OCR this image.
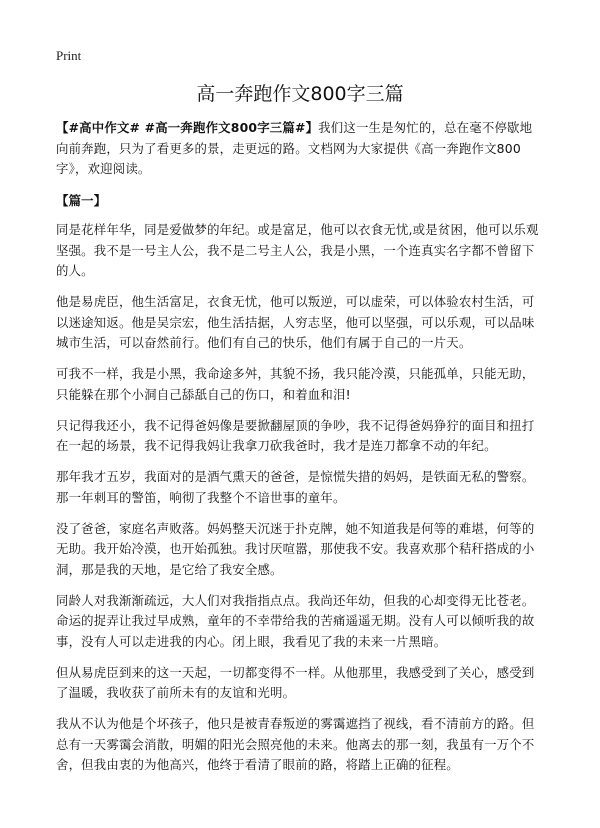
Print
高一奔跑作文800字三篇

【#高中作文# #高一奔跑作文800字三篇#】我们这一生是匆忙的，总在毫不停歇地向前奔跑，只为了看更多的景，走更远的路。文档网为大家提供《高一奔跑作文800字》，欢迎阅读。

【篇一】

同是花样年华，同是爱做梦的年纪。或是富足，他可以衣食无忧,或是贫困，他可以乐观坚强。我不是一号主人公，我不是二号主人公，我是小黑，一个连真实名字都不曾留下的人。

他是易虎臣，他生活富足，衣食无忧，他可以叛逆，可以虚荣，可以体验农村生活，可以迷途知返。他是吴宗宏，他生活拮据，人穷志坚，他可以坚强，可以乐观，可以品味城市生活，可以奋然前行。他们有自己的快乐，他们有属于自己的一片天。

可我不一样，我是小黑，我命途多舛，其貌不扬，我只能冷漠，只能孤单，只能无助，只能躲在那个小洞自己舔舐自己的伤口，和着血和泪!

只记得我还小，我不记得爸妈像是要掀翻屋顶的争吵，我不记得爸妈狰狞的面目和扭打在一起的场景，我不记得我妈让我拿刀砍我爸时，我才是连刀都拿不动的年纪。

那年我才五岁，我面对的是酒气熏天的爸爸，是惊慌失措的妈妈，是铁面无私的警察。那一年刺耳的警笛，响彻了我整个不谙世事的童年。

没了爸爸，家庭名声败落。妈妈整天沉迷于扑克牌，她不知道我是何等的难堪，何等的无助。我开始冷漠，也开始孤独。我讨厌喧嚣，那使我不安。我喜欢那个秸秆搭成的小洞，那是我的天地，是它给了我安全感。

同龄人对我渐渐疏远，大人们对我指指点点。我尚还年幼，但我的心却变得无比苍老。命运的捉弄让我过早成熟，童年的不幸带给我的苦痛遥遥无期。没有人可以倾听我的故事，没有人可以走进我的内心。闭上眼，我看见了我的未来一片黑暗。

但从易虎臣到来的这一天起，一切都变得不一样。从他那里，我感受到了关心，感受到了温暖，我收获了前所未有的友谊和光明。

我从不认为他是个坏孩子，他只是被青春叛逆的雾霭遮挡了视线，看不清前方的路。但总有一天雾霭会消散，明媚的阳光会照亮他的未来。他离去的那一刻，我虽有一万个不舍，但我由衷的为他高兴，他终于看清了眼前的路，将踏上正确的征程。
